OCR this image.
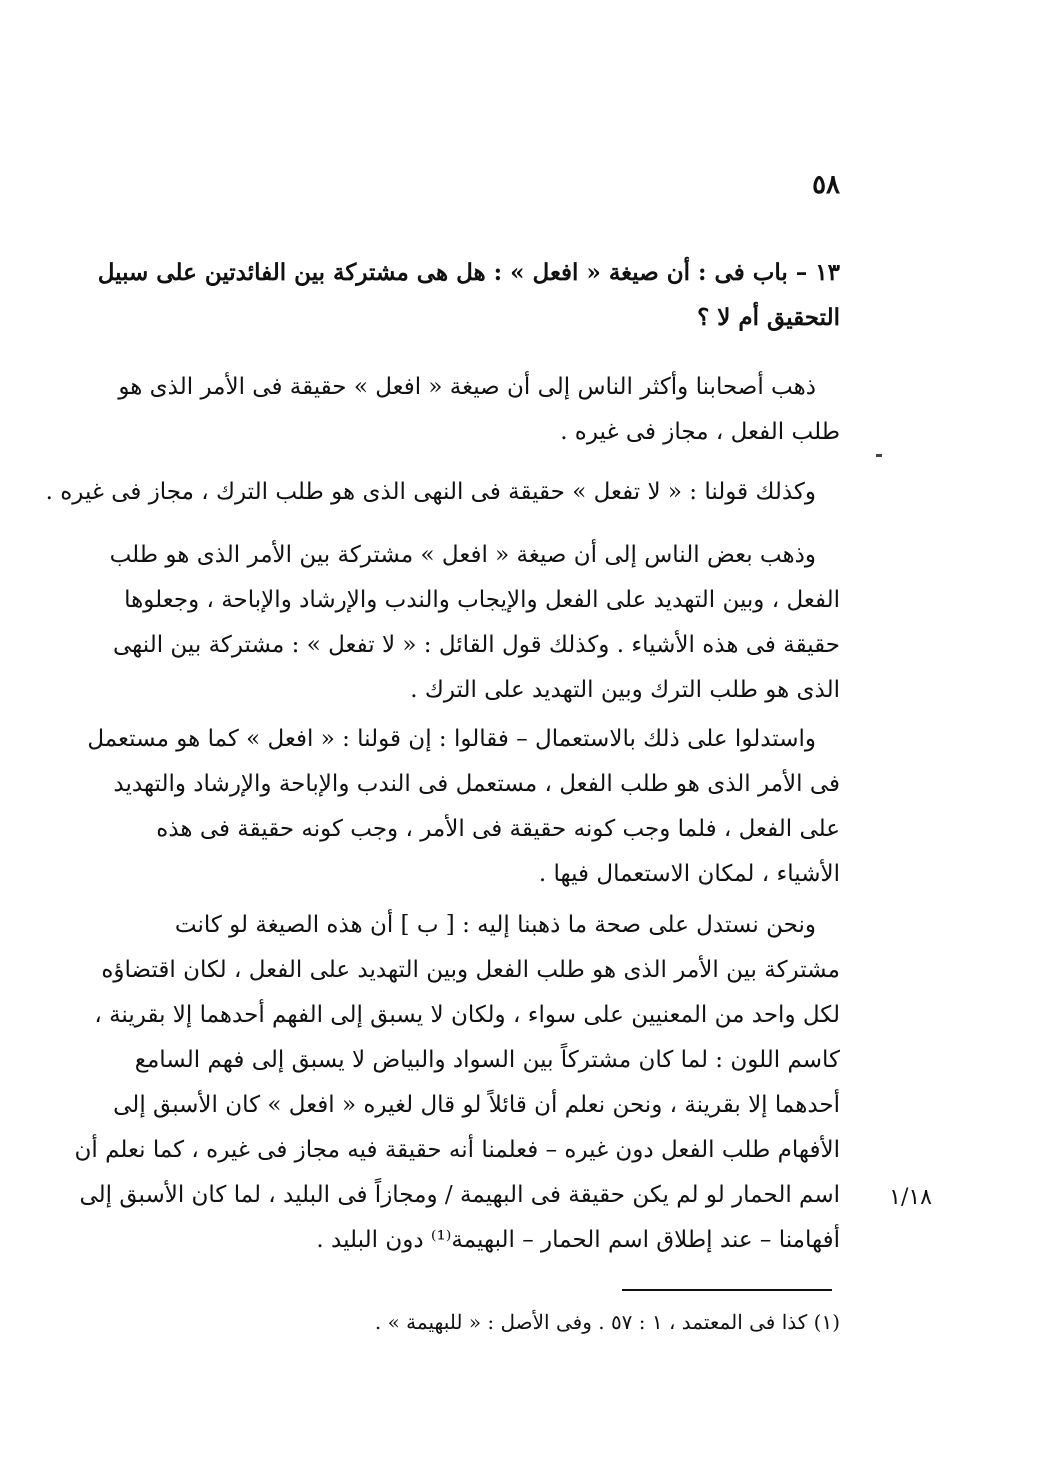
٥٨
١٣ – باب فى : أن صيغة « افعل » : هل هى مشتركة بين الفائدتين على سبيل
التحقيق أم لا ؟
ذهب أصحابنا وأكثر الناس إلى أن صيغة « افعل » حقيقة فى الأمر الذى هو
طلب الفعل ، مجاز فى غيره .
وكذلك قولنا : « لا تفعل » حقيقة فى النهى الذى هو طلب الترك ، مجاز فى غيره .
وذهب بعض الناس إلى أن صيغة « افعل » مشتركة بين الأمر الذى هو طلب
الفعل ، وبين التهديد على الفعل والإيجاب والندب والإرشاد والإباحة ، وجعلوها
حقيقة فى هذه الأشياء . وكذلك قول القائل : « لا تفعل » : مشتركة بين النهى
الذى هو طلب الترك وبين التهديد على الترك .
واستدلوا على ذلك بالاستعمال – فقالوا : إن قولنا : « افعل » كما هو مستعمل
فى الأمر الذى هو طلب الفعل ، مستعمل فى الندب والإباحة والإرشاد والتهديد
على الفعل ، فلما وجب كونه حقيقة فى الأمر ، وجب كونه حقيقة فى هذه
الأشياء ، لمكان الاستعمال فيها .
ونحن نستدل على صحة ما ذهبنا إليه : [ ب ] أن هذه الصيغة لو كانت
مشتركة بين الأمر الذى هو طلب الفعل وبين التهديد على الفعل ، لكان اقتضاؤه
لكل واحد من المعنيين على سواء ، ولكان لا يسبق إلى الفهم أحدهما إلا بقرينة ،
كاسم اللون : لما كان مشتركاً بين السواد والبياض لا يسبق إلى فهم السامع
أحدهما إلا بقرينة ، ونحن نعلم أن قائلاً لو قال لغيره « افعل » كان الأسبق إلى
الأفهام طلب الفعل دون غيره – فعلمنا أنه حقيقة فيه مجاز فى غيره ، كما نعلم أن
اسم الحمار لو لم يكن حقيقة فى البهيمة / ومجازاً فى البليد ، لما كان الأسبق إلى
أفهامنا – عند إطلاق اسم الحمار – البهيمة⁽¹⁾ دون البليد .
١/١٨
(١) كذا فى المعتمد ، ١ : ٥٧ . وفى الأصل : « للبهيمة » .
